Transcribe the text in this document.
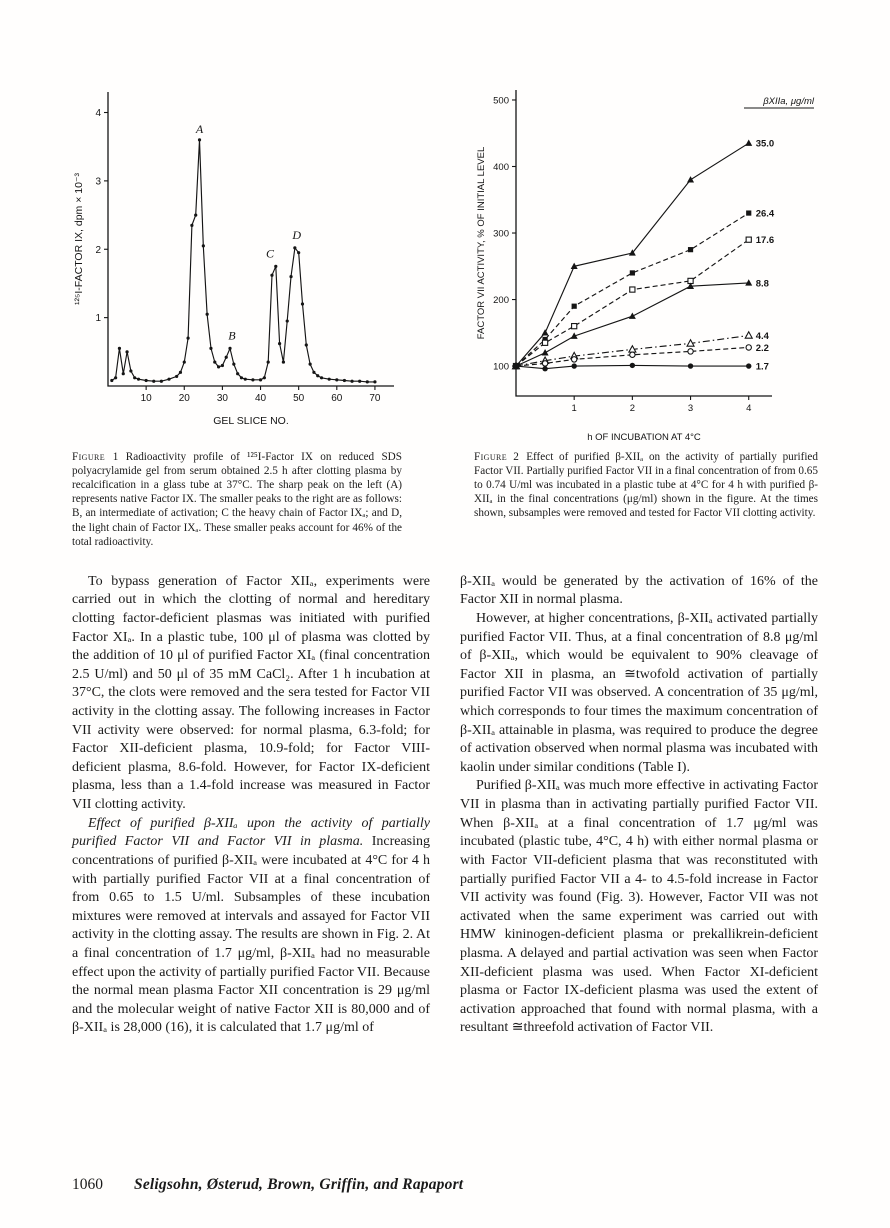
10	20	30	40	50	60	70
1
2
3
4
GEL SLICE NO.
¹²⁵I-FACTOR IX, dpm × 10⁻³
A
B
C
D
Figure 1 Radioactivity profile of ¹²⁵I-Factor IX on reduced SDS polyacrylamide gel from serum obtained 2.5 h after clotting plasma by recalcification in a glass tube at 37°C. The sharp peak on the left (A) represents native Factor IX. The smaller peaks to the right are as follows: B, an intermediate of activation; C the heavy chain of Factor IXₐ; and D, the light chain of Factor IXₐ. These smaller peaks account for 46% of the total radioactivity.
1	2	3	4
100
200
300
400
500
h OF INCUBATION AT 4°C
FACTOR VII ACTIVITY, % OF INITIAL LEVEL
βXIIa, μg/ml
35.0
26.4
17.6
8.8
4.4
2.2
1.7
Figure 2 Effect of purified β-XIIₐ on the activity of partially purified Factor VII. Partially purified Factor VII in a final concentration of from 0.65 to 0.74 U/ml was incubated in a plastic tube at 4°C for 4 h with purified β-XIIₐ in the final concentrations (μg/ml) shown in the figure. At the times shown, subsamples were removed and tested for Factor VII clotting activity.

To bypass generation of Factor XIIₐ, experiments were carried out in which the clotting of normal and hereditary clotting factor-deficient plasmas was initiated with purified Factor XIₐ. In a plastic tube, 100 μl of plasma was clotted by the addition of 10 μl of purified Factor XIₐ (final concentration 2.5 U/ml) and 50 μl of 35 mM CaCl₂. After 1 h incubation at 37°C, the clots were removed and the sera tested for Factor VII activity in the clotting assay. The following increases in Factor VII activity were observed: for normal plasma, 6.3-fold; for Factor XII-deficient plasma, 10.9-fold; for Factor VIII-deficient plasma, 8.6-fold. However, for Factor IX-deficient plasma, less than a 1.4-fold increase was measured in Factor VII clotting activity.

Effect of purified β-XIIₐ upon the activity of partially purified Factor VII and Factor VII in plasma. Increasing concentrations of purified β-XIIₐ were incubated at 4°C for 4 h with partially purified Factor VII at a final concentration of from 0.65 to 1.5 U/ml. Subsamples of these incubation mixtures were removed at intervals and assayed for Factor VII activity in the clotting assay. The results are shown in Fig. 2. At a final concentration of 1.7 μg/ml, β-XIIₐ had no measurable effect upon the activity of partially purified Factor VII. Because the normal mean plasma Factor XII concentration is 29 μg/ml and the molecular weight of native Factor XII is 80,000 and of β-XIIₐ is 28,000 (16), it is calculated that 1.7 μg/ml of

β-XIIₐ would be generated by the activation of 16% of the Factor XII in normal plasma.

However, at higher concentrations, β-XIIₐ activated partially purified Factor VII. Thus, at a final concentration of 8.8 μg/ml of β-XIIₐ, which would be equivalent to 90% cleavage of Factor XII in plasma, an ≅twofold activation of partially purified Factor VII was observed. A concentration of 35 μg/ml, which corresponds to four times the maximum concentration of β-XIIₐ attainable in plasma, was required to produce the degree of activation observed when normal plasma was incubated with kaolin under similar conditions (Table I).

Purified β-XIIₐ was much more effective in activating Factor VII in plasma than in activating partially purified Factor VII. When β-XIIₐ at a final concentration of 1.7 μg/ml was incubated (plastic tube, 4°C, 4 h) with either normal plasma or with Factor VII-deficient plasma that was reconstituted with partially purified Factor VII a 4- to 4.5-fold increase in Factor VII activity was found (Fig. 3). However, Factor VII was not activated when the same experiment was carried out with HMW kininogen-deficient plasma or prekallikrein-deficient plasma. A delayed and partial activation was seen when Factor XII-deficient plasma was used. When Factor XI-deficient plasma or Factor IX-deficient plasma was used the extent of activation approached that found with normal plasma, with a resultant ≅threefold activation of Factor VII.

1060	Seligsohn, Østerud, Brown, Griffin, and Rapaport
